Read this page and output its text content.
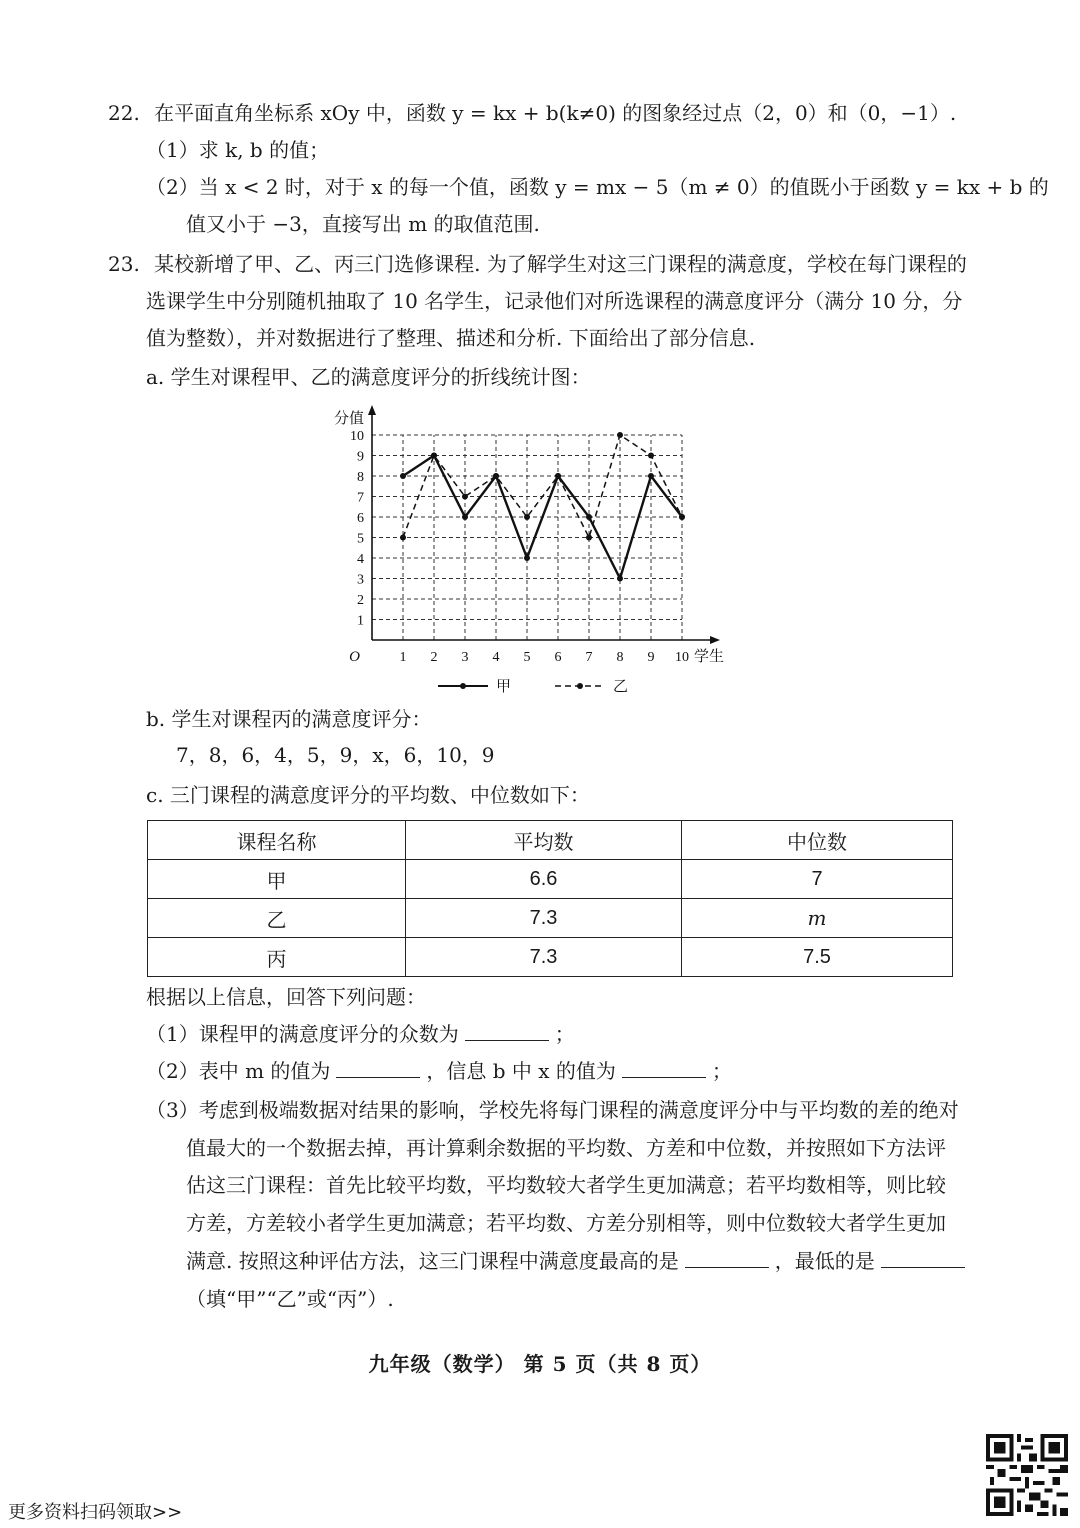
22. 在平面直角坐标系 xOy 中，函数 y = kx + b(k≠0) 的图象经过点（2，0）和（0，−1）.
（1）求 k, b 的值；
（2）当 x < 2 时，对于 x 的每一个值，函数 y = mx − 5（m ≠ 0）的值既小于函数 y = kx + b 的
值又小于 −3，直接写出 m 的取值范围.
23. 某校新增了甲、乙、丙三门选修课程. 为了解学生对这三门课程的满意度，学校在每门课程的
选课学生中分别随机抽取了 10 名学生，记录他们对所选课程的满意度评分（满分 10 分，分
值为整数），并对数据进行了整理、描述和分析. 下面给出了部分信息.
a. 学生对课程甲、乙的满意度评分的折线统计图：
1
2
3
4
5
6
7
8
9
10
1 2 3 4 5 6 7 8 9 10
O
分值
学生
甲	乙
b. 学生对课程丙的满意度评分：
7，8，6，4，5，9，x，6，10，9
c. 三门课程的满意度评分的平均数、中位数如下：
课程名称	平均数	中位数
甲	6.6	7
乙	7.3	m
丙	7.3	7.5
根据以上信息，回答下列问题：
（1）课程甲的满意度评分的众数为	；
（2）表中 m 的值为	，信息 b 中 x 的值为	；
（3）考虑到极端数据对结果的影响，学校先将每门课程的满意度评分中与平均数的差的绝对
值最大的一个数据去掉，再计算剩余数据的平均数、方差和中位数，并按照如下方法评
估这三门课程：首先比较平均数，平均数较大者学生更加满意；若平均数相等，则比较
方差，方差较小者学生更加满意；若平均数、方差分别相等，则中位数较大者学生更加
满意. 按照这种评估方法，这三门课程中满意度最高的是	，最低的是
（填“甲”“乙”或“丙”）.
九年级（数学） 第 5 页（共 8 页）
更多资料扫码领取>>
